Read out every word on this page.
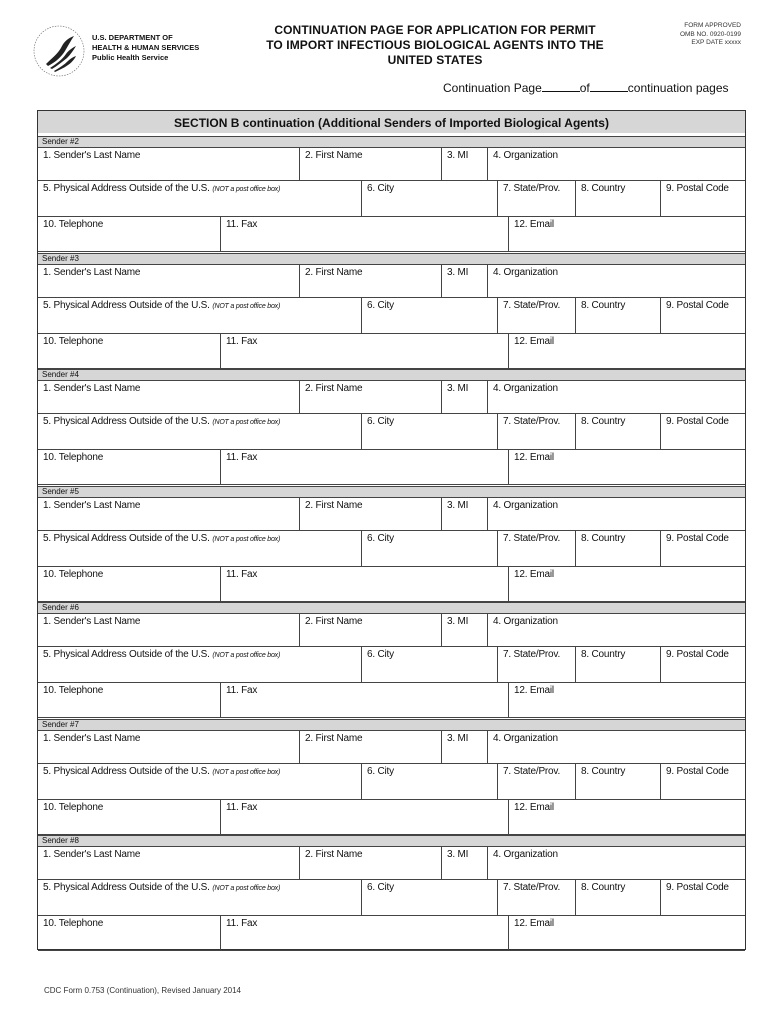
U.S. DEPARTMENT OF
HEALTH & HUMAN SERVICES
Public Health Service
CONTINUATION PAGE FOR APPLICATION FOR PERMIT
TO IMPORT INFECTIOUS BIOLOGICAL AGENTS INTO THE
UNITED STATES
FORM APPROVED
OMB NO. 0920-0199
EXP DATE xxxxx
Continuation Page	of	continuation pages
SECTION B continuation (Additional Senders of Imported Biological Agents)
Sender #2
1. Sender's Last Name	2. First Name	3. MI	4. Organization
5. Physical Address Outside of the U.S. (NOT a post office box)	6. City	7. State/Prov.	8. Country	9. Postal Code
10. Telephone	11. Fax	12. Email
Sender #3
1. Sender's Last Name	2. First Name	3. MI	4. Organization
5. Physical Address Outside of the U.S. (NOT a post office box)	6. City	7. State/Prov.	8. Country	9. Postal Code
10. Telephone	11. Fax	12. Email
Sender #4
1. Sender's Last Name	2. First Name	3. MI	4. Organization
5. Physical Address Outside of the U.S. (NOT a post office box)	6. City	7. State/Prov.	8. Country	9. Postal Code
10. Telephone	11. Fax	12. Email
Sender #5
1. Sender's Last Name	2. First Name	3. MI	4. Organization
5. Physical Address Outside of the U.S. (NOT a post office box)	6. City	7. State/Prov.	8. Country	9. Postal Code
10. Telephone	11. Fax	12. Email
Sender #6
1. Sender's Last Name	2. First Name	3. MI	4. Organization
5. Physical Address Outside of the U.S. (NOT a post office box)	6. City	7. State/Prov.	8. Country	9. Postal Code
10. Telephone	11. Fax	12. Email
Sender #7
1. Sender's Last Name	2. First Name	3. MI	4. Organization
5. Physical Address Outside of the U.S. (NOT a post office box)	6. City	7. State/Prov.	8. Country	9. Postal Code
10. Telephone	11. Fax	12. Email
Sender #8
1. Sender's Last Name	2. First Name	3. MI	4. Organization
5. Physical Address Outside of the U.S. (NOT a post office box)	6. City	7. State/Prov.	8. Country	9. Postal Code
10. Telephone	11. Fax	12. Email
CDC Form 0.753 (Continuation), Revised January 2014
